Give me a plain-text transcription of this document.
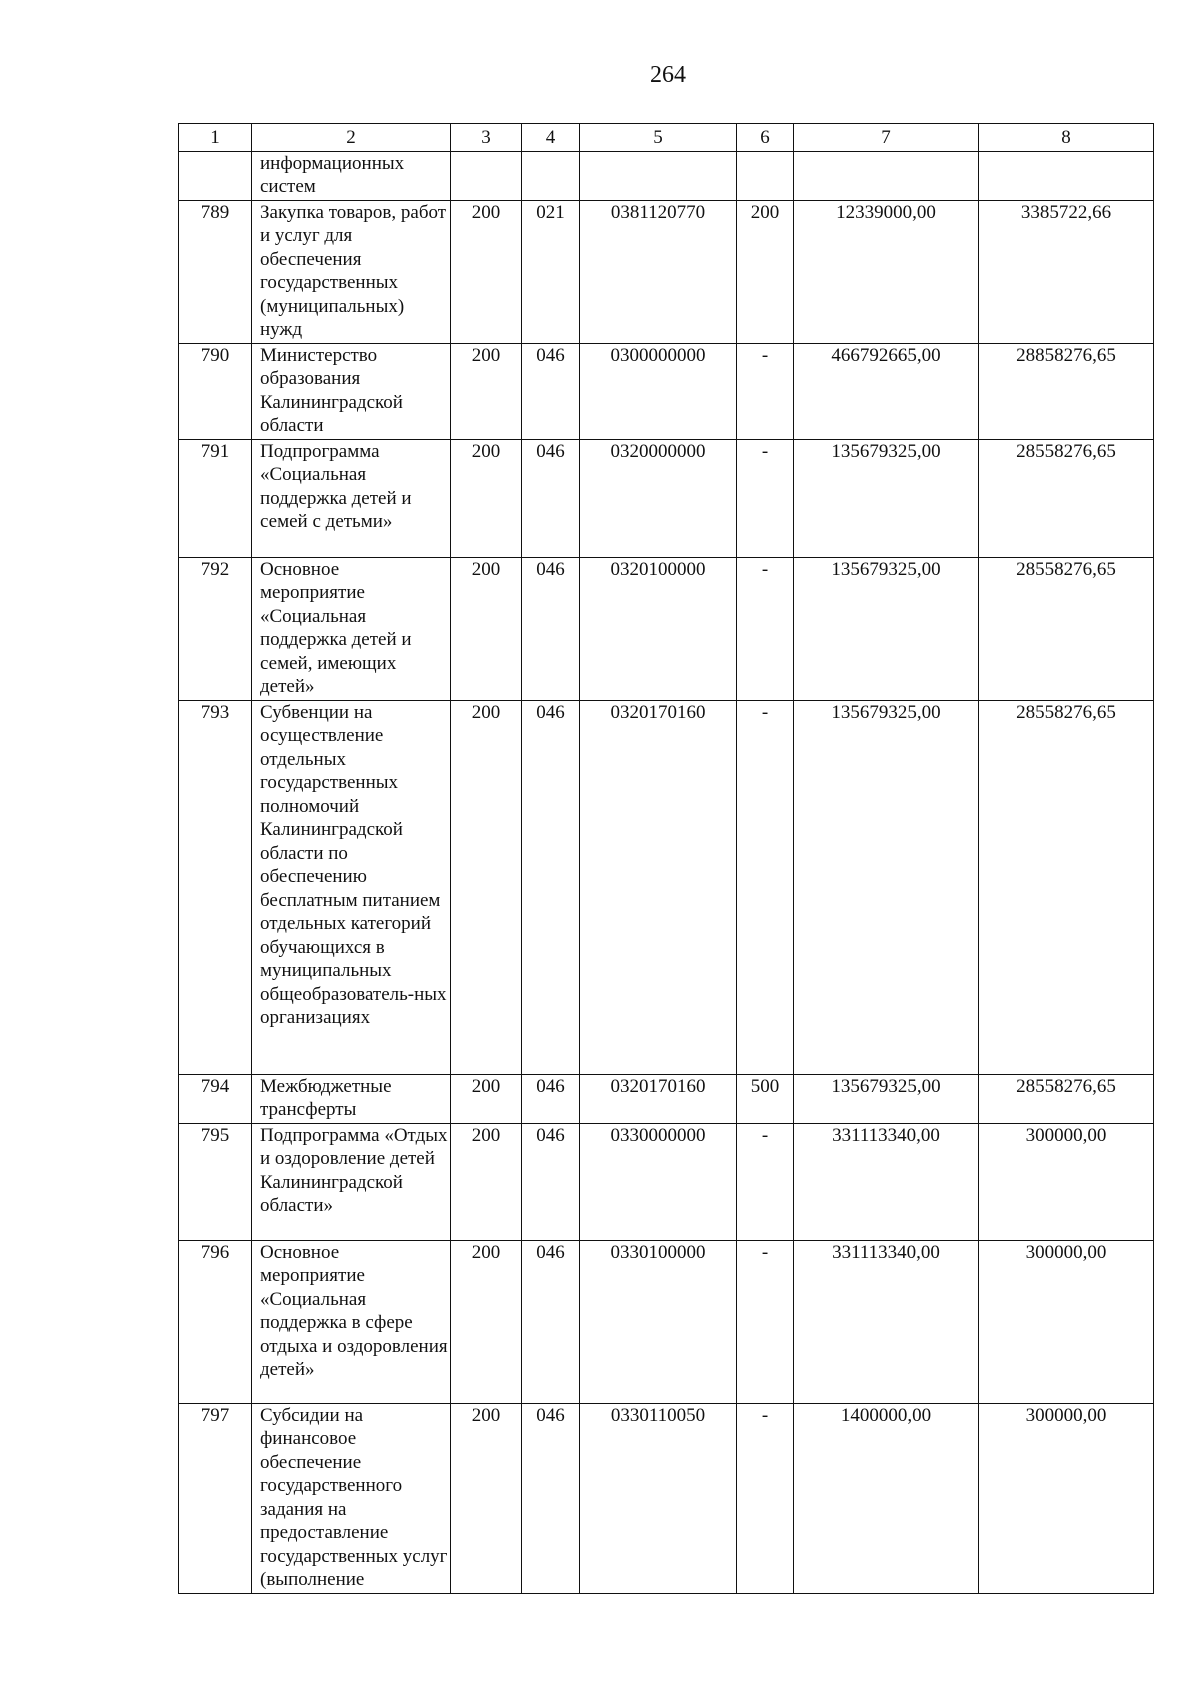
264
1	2	3	4	5	6	7	8
	информационных систем						
789	Закупка товаров, работ и услуг для обеспечения государственных (муниципальных) нужд	200	021	0381120770	200	12339000,00	3385722,66
790	Министерство образования Калининградской области	200	046	0300000000	-	466792665,00	28858276,65
791	Подпрограмма «Социальная поддержка детей и семей с детьми»	200	046	0320000000	-	135679325,00	28558276,65
792	Основное мероприятие «Социальная поддержка детей и семей, имеющих детей»	200	046	0320100000	-	135679325,00	28558276,65
793	Субвенции на осуществление отдельных государственных полномочий Калининградской области по обеспечению бесплатным питанием отдельных категорий обучающихся в муниципальных общеобразователь-ных организациях	200	046	0320170160	-	135679325,00	28558276,65
794	Межбюджетные трансферты	200	046	0320170160	500	135679325,00	28558276,65
795	Подпрограмма «Отдых и оздоровление детей Калининградской области»	200	046	0330000000	-	331113340,00	300000,00
796	Основное мероприятие «Социальная поддержка в сфере отдыха и оздоровления детей»	200	046	0330100000	-	331113340,00	300000,00
797	Субсидии на финансовое обеспечение государственного задания на предоставление государственных услуг (выполнение	200	046	0330110050	-	1400000,00	300000,00
